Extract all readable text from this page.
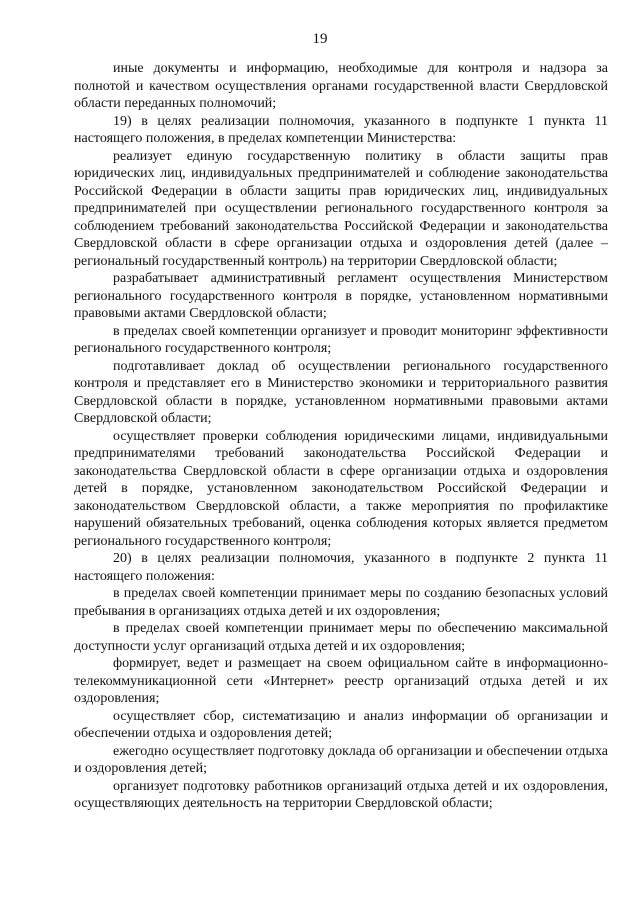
19

иные документы и информацию, необходимые для контроля и надзора за полнотой и качеством осуществления органами государственной власти Свердловской области переданных полномочий;

19) в целях реализации полномочия, указанного в подпункте 1 пункта 11 настоящего положения, в пределах компетенции Министерства:

реализует единую государственную политику в области защиты прав юридических лиц, индивидуальных предпринимателей и соблюдение законодательства Российской Федерации в области защиты прав юридических лиц, индивидуальных предпринимателей при осуществлении регионального государственного контроля за соблюдением требований законодательства Российской Федерации и законодательства Свердловской области в сфере организации отдыха и оздоровления детей (далее – региональный государственный контроль) на территории Свердловской области;

разрабатывает административный регламент осуществления Министерством регионального государственного контроля в порядке, установленном нормативными правовыми актами Свердловской области;

в пределах своей компетенции организует и проводит мониторинг эффективности регионального государственного контроля;

подготавливает доклад об осуществлении регионального государственного контроля и представляет его в Министерство экономики и территориального развития Свердловской области в порядке, установленном нормативными правовыми актами Свердловской области;

осуществляет проверки соблюдения юридическими лицами, индивидуальными предпринимателями требований законодательства Российской Федерации и законодательства Свердловской области в сфере организации отдыха и оздоровления детей в порядке, установленном законодательством Российской Федерации и законодательством Свердловской области, а также мероприятия по профилактике нарушений обязательных требований, оценка соблюдения которых является предметом регионального государственного контроля;

20) в целях реализации полномочия, указанного в подпункте 2 пункта 11 настоящего положения:

в пределах своей компетенции принимает меры по созданию безопасных условий пребывания в организациях отдыха детей и их оздоровления;

в пределах своей компетенции принимает меры по обеспечению максимальной доступности услуг организаций отдыха детей и их оздоровления;

формирует, ведет и размещает на своем официальном сайте в информационно-телекоммуникационной сети «Интернет» реестр организаций отдыха детей и их оздоровления;

осуществляет сбор, систематизацию и анализ информации об организации и обеспечении отдыха и оздоровления детей;

ежегодно осуществляет подготовку доклада об организации и обеспечении отдыха и оздоровления детей;

организует подготовку работников организаций отдыха детей и их оздоровления, осуществляющих деятельность на территории Свердловской области;
